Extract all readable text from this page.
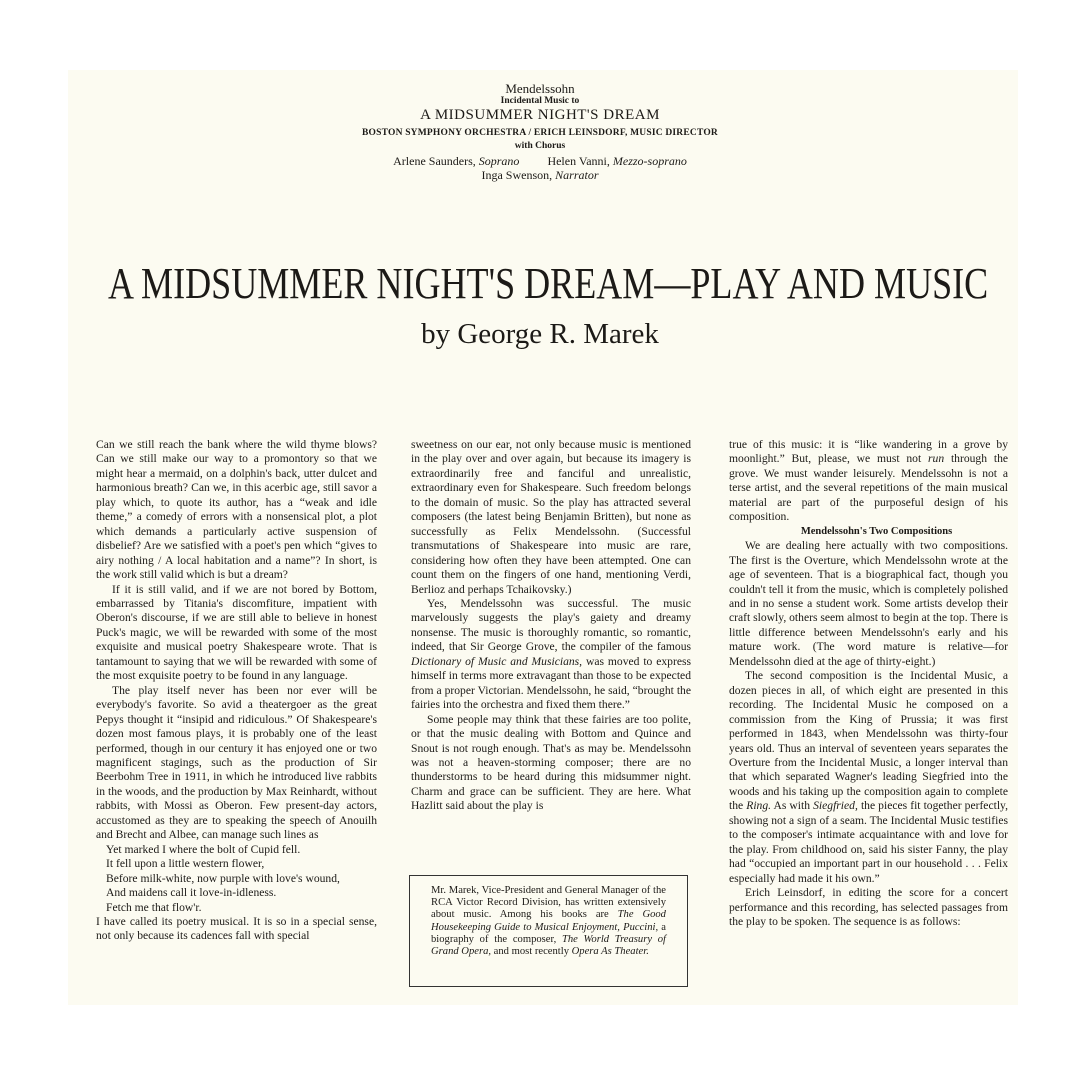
Mendelssohn
Incidental Music to
A MIDSUMMER NIGHT'S DREAM
BOSTON SYMPHONY ORCHESTRA / ERICH LEINSDORF, MUSIC DIRECTOR
with Chorus
Arlene Saunders, Soprano Helen Vanni, Mezzo-soprano
Inga Swenson, Narrator
A MIDSUMMER NIGHT'S DREAM—PLAY AND MUSIC
by George R. Marek

Can we still reach the bank where the wild thyme blows? Can we still make our way to a promontory so that we might hear a mermaid, on a dolphin's back, utter dulcet and harmonious breath? Can we, in this acerbic age, still savor a play which, to quote its author, has a “weak and idle theme,” a comedy of errors with a nonsensical plot, a plot which demands a particularly active suspension of disbelief? Are we satisfied with a poet's pen which “gives to airy nothing / A local habitation and a name”? In short, is the work still valid which is but a dream?

If it is still valid, and if we are not bored by Bottom, embarrassed by Titania's discomfiture, impatient with Oberon's discourse, if we are still able to believe in honest Puck's magic, we will be rewarded with some of the most exquisite and musical poetry Shakespeare wrote. That is tantamount to saying that we will be rewarded with some of the most exquisite poetry to be found in any language.

The play itself never has been nor ever will be everybody's favorite. So avid a theatergoer as the great Pepys thought it “insipid and ridiculous.” Of Shakespeare's dozen most famous plays, it is probably one of the least performed, though in our century it has enjoyed one or two magnificent stagings, such as the production of Sir Beerbohm Tree in 1911, in which he introduced live rabbits in the woods, and the production by Max Reinhardt, without rabbits, with Mossi as Oberon. Few present-day actors, accustomed as they are to speaking the speech of Anouilh and Brecht and Albee, can manage such lines as

Yet marked I where the bolt of Cupid fell.

It fell upon a little western flower,

Before milk-white, now purple with love's wound,

And maidens call it love-in-idleness.

Fetch me that flow'r.

I have called its poetry musical. It is so in a special sense, not only because its cadences fall with special

sweetness on our ear, not only because music is mentioned in the play over and over again, but because its imagery is extraordinarily free and fanciful and unrealistic, extraordinary even for Shakespeare. Such freedom belongs to the domain of music. So the play has attracted several composers (the latest being Benjamin Britten), but none as successfully as Felix Mendelssohn. (Successful transmutations of Shakespeare into music are rare, considering how often they have been attempted. One can count them on the fingers of one hand, mentioning Verdi, Berlioz and perhaps Tchaikovsky.)

Yes, Mendelssohn was successful. The music marvelously suggests the play's gaiety and dreamy nonsense. The music is thoroughly romantic, so romantic, indeed, that Sir George Grove, the compiler of the famous Dictionary of Music and Musicians, was moved to express himself in terms more extravagant than those to be expected from a proper Victorian. Mendelssohn, he said, “brought the fairies into the orchestra and fixed them there.”

Some people may think that these fairies are too polite, or that the music dealing with Bottom and Quince and Snout is not rough enough. That's as may be. Mendelssohn was not a heaven-storming composer; there are no thunderstorms to be heard during this midsummer night. Charm and grace can be sufficient. They are here. What Hazlitt said about the play is

true of this music: it is “like wandering in a grove by moonlight.” But, please, we must not run through the grove. We must wander leisurely. Mendelssohn is not a terse artist, and the several repetitions of the main musical material are part of the purposeful design of his composition.

Mendelssohn's Two Compositions

We are dealing here actually with two compositions. The first is the Overture, which Mendelssohn wrote at the age of seventeen. That is a biographical fact, though you couldn't tell it from the music, which is completely polished and in no sense a student work. Some artists develop their craft slowly, others seem almost to begin at the top. There is little difference between Mendelssohn's early and his mature work. (The word mature is relative—for Mendelssohn died at the age of thirty-eight.)

The second composition is the Incidental Music, a dozen pieces in all, of which eight are presented in this recording. The Incidental Music he composed on a commission from the King of Prussia; it was first performed in 1843, when Mendelssohn was thirty-four years old. Thus an interval of seventeen years separates the Overture from the Incidental Music, a longer interval than that which separated Wagner's leading Siegfried into the woods and his taking up the composition again to complete the Ring. As with Siegfried, the pieces fit together perfectly, showing not a sign of a seam. The Incidental Music testifies to the composer's intimate acquaintance with and love for the play. From childhood on, said his sister Fanny, the play had “occupied an important part in our household . . . Felix especially had made it his own.”

Erich Leinsdorf, in editing the score for a concert performance and this recording, has selected passages from the play to be spoken. The sequence is as follows:

Mr. Marek, Vice-President and General Manager of the RCA Victor Record Division, has written extensively about music. Among his books are The Good Housekeeping Guide to Musical Enjoyment, Puccini, a biography of the composer, The World Treasury of Grand Opera, and most recently Opera As Theater.
